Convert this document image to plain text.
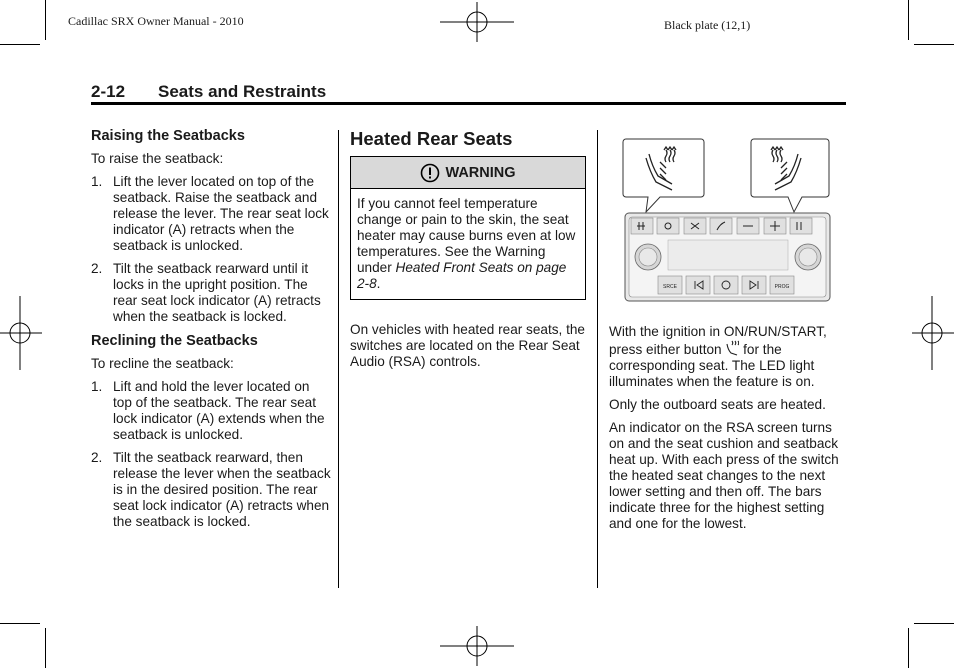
Cadillac SRX Owner Manual - 2010	Black plate (12,1)
2-12 Seats and Restraints
Raising the Seatbacks

To raise the seatback:

1. Lift the lever located on top of the seatback. Raise the seatback and release the lever. The rear seat lock indicator (A) retracts when the seatback is unlocked.
2. Tilt the seatback rearward until it locks in the upright position. The rear seat lock indicator (A) retracts when the seatback is locked.
Reclining the Seatbacks

To recline the seatback:

1. Lift and hold the lever located on top of the seatback. The rear seat lock indicator (A) extends when the seatback is unlocked.
2. Tilt the seatback rearward, then release the lever when the seatback is in the desired position. The rear seat lock indicator (A) retracts when the seatback is locked.
Heated Rear Seats
WARNING
If you cannot feel temperature change or pain to the skin, the seat heater may cause burns even at low temperatures. See the Warning under Heated Front Seats on page 2-8.

On vehicles with heated rear seats, the switches are located on the Rear Seat Audio (RSA) controls.

SRCE	PROG

With the ignition in ON/RUN/START, press either button  for the corresponding seat. The LED light illuminates when the feature is on.

Only the outboard seats are heated.

An indicator on the RSA screen turns on and the seat cushion and seatback heat up. With each press of the switch the heated seat changes to the next lower setting and then off. The bars indicate three for the highest setting and one for the lowest.
